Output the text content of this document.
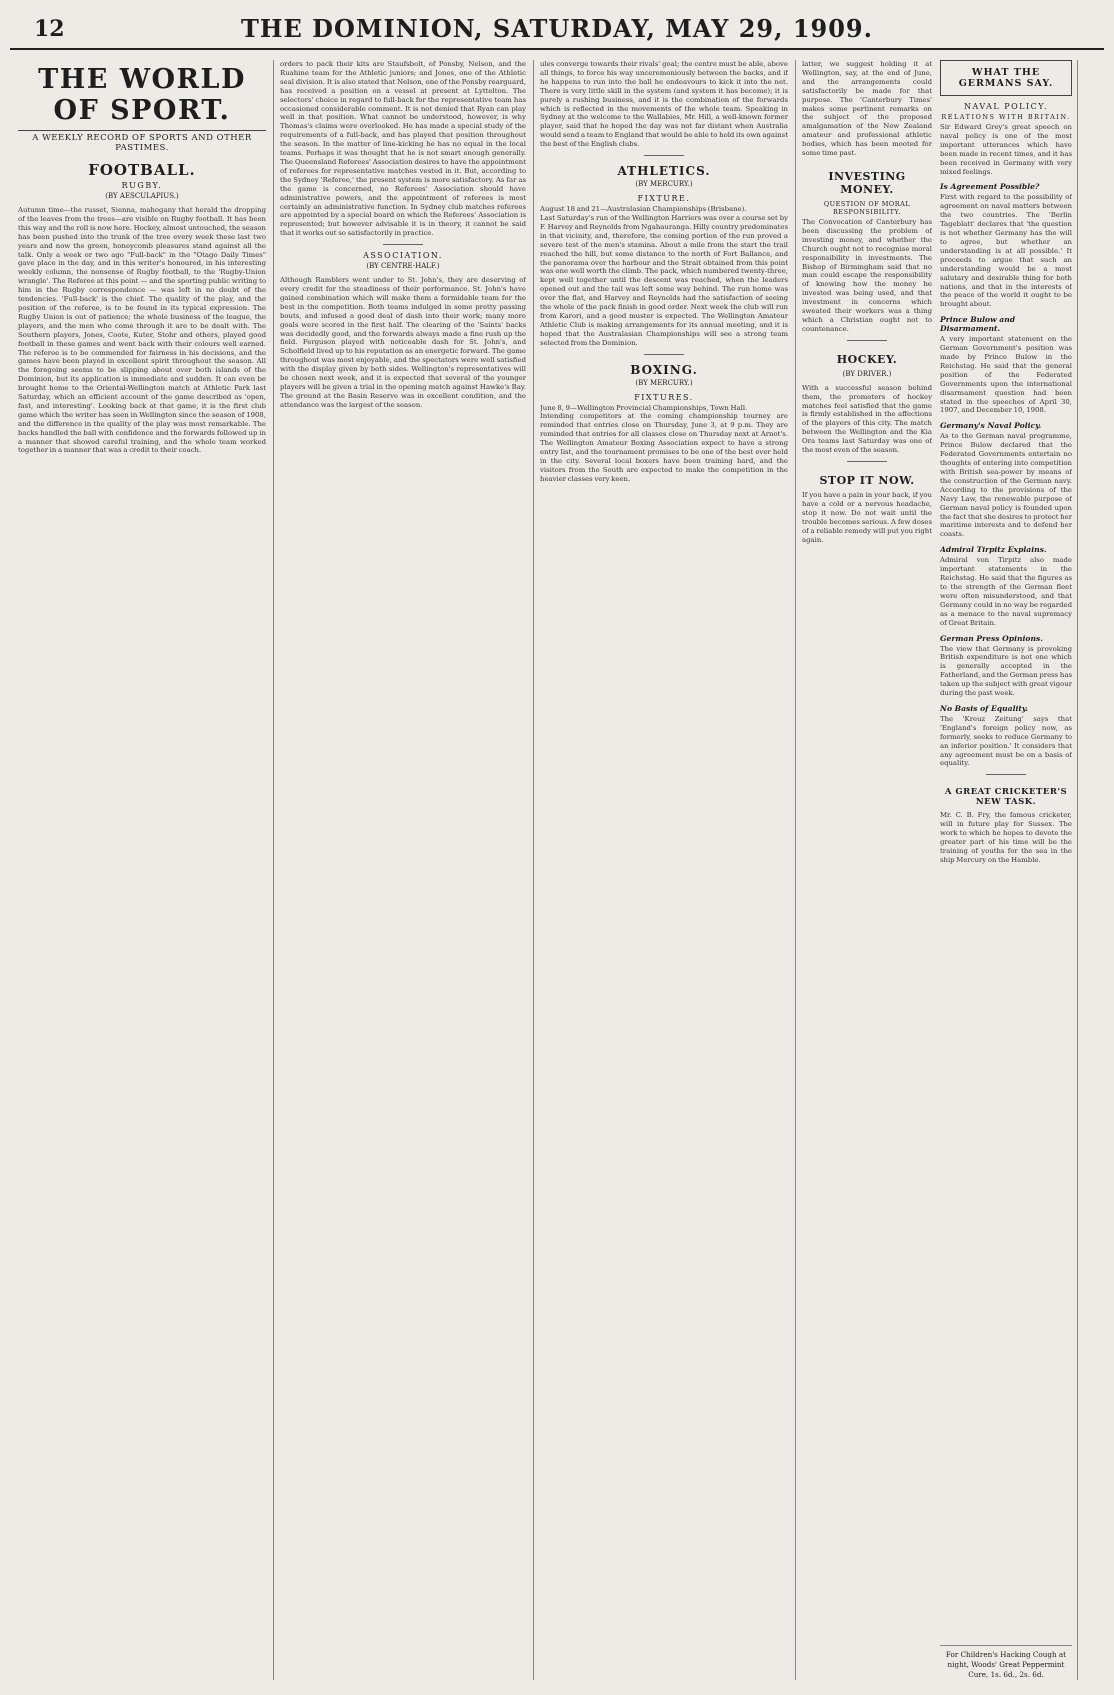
12	THE DOMINION, SATURDAY, MAY 29, 1909.
THE WORLD OF SPORT.
A WEEKLY RECORD OF SPORTS AND OTHER PASTIMES.
FOOTBALL.
RUGBY.
(BY AESCULAPIUS.)

Autumn time—the russet, Sienna, mahogany that herald the dropping of the leaves from the trees—are visible on Rugby football. It has been this way and the roll is now here. Hockey, almost untouched, the season has been pushed into the trunk of the tree every week these last two years and now the green, honeycomb pleasures stand against all the talk. Only a week or two ago "Full-back" in the "Otago Daily Times" gave place in the day, and in this writer's honoured, in his interesting weekly column, the nonsense of Rugby football, to the 'Rugby-Union wrangle'. The Referee at this point — and the sporting public writing to him in the Rugby correspondence — was left in no doubt of the tendencies. 'Full-back' is the chief. The quality of the play, and the position of the referee, is to be found in its typical expression. The Rugby Union is out of patience; the whole business of the league, the players, and the men who come through it are to be dealt with. The Southern players, Jones, Coote, Kuter, Stohr and others, played good football in these games and went back with their colours well earned. The referee is to be commended for fairness in his decisions, and the games have been played in excellent spirit throughout the season. All the foregoing seems to be slipping about over both islands of the Dominion, but its application is immediate and sudden. It can even be brought home to the Oriental-Wellington match at Athletic Park last Saturday, which an efficient account of the game described as 'open, fast, and interesting'. Looking back at that game, it is the first club game which the writer has seen in Wellington since the season of 1908, and the difference in the quality of the play was most remarkable. The backs handled the ball with confidence and the forwards followed up in a manner that showed careful training, and the whole team worked together in a manner that was a credit to their coach.

orders to pack their kits are Staufsbolt, of Ponsby, Nelson, and the Ruahine team for the Athletic juniors; and Jones, one of the Athletic seal division. It is also stated that Nelson, one of the Ponsby rearguard, has received a position on a vessel at present at Lyttelton. The selectors' choice in regard to full-back for the representative team has occasioned considerable comment. It is not denied that Ryan can play well in that position. What cannot be understood, however, is why Thomas's claims were overlooked. He has made a special study of the requirements of a full-back, and has played that position throughout the season. In the matter of line-kicking he has no equal in the local teams. Perhaps it was thought that he is not smart enough generally. The Queensland Referees' Association desires to have the appointment of referees for representative matches vested in it. But, according to the Sydney 'Referee,' the present system is more satisfactory. As far as the game is concerned, no Referees' Association should have administrative powers, and the appointment of referees is most certainly an administrative function. In Sydney club matches referees are appointed by a special board on which the Referees' Association is represented; but however advisable it is in theory, it cannot be said that it works out so satisfactorily in practice.

ASSOCIATION.
(BY CENTRE-HALF.)

Although Ramblers went under to St. John's, they are deserving of every credit for the steadiness of their performance. St. John's have gained combination which will make them a formidable team for the best in the competition. Both teams indulged in some pretty passing bouts, and infused a good deal of dash into their work; many more goals were scored in the first half. The clearing of the 'Saints' backs was decidedly good, and the forwards always made a fine rush up the field. Ferguson played with noticeable dash for St. John's, and Scholfield lived up to his reputation as an energetic forward. The game throughout was most enjoyable, and the spectators were well satisfied with the display given by both sides. Wellington's representatives will be chosen next week, and it is expected that several of the younger players will be given a trial in the opening match against Hawke's Bay. The ground at the Basin Reserve was in excellent condition, and the attendance was the largest of the season.

ules converge towards their rivals' goal; the centre must be able, above all things, to force his way unceremoniously between the backs, and if he happens to run into the ball he endeavours to kick it into the net. There is very little skill in the system (and system it has become); it is purely a rushing business, and it is the combination of the forwards which is reflected in the movements of the whole team. Speaking in Sydney at the welcome to the Wallabies, Mr. Hill, a well-known former player, said that he hoped the day was not far distant when Australia would send a team to England that would be able to hold its own against the best of the English clubs.

ATHLETICS.
(BY MERCURY.)
FIXTURE.

August 18 and 21—Australasian Championships (Brisbane).

Last Saturday's run of the Wellington Harriers was over a course set by F. Harvey and Reynolds from Ngahauranga. Hilly country predominates in that vicinity, and, therefore, the coming portion of the run proved a severe test of the men's stamina. About a mile from the start the trail reached the hill, but some distance to the north of Fort Ballance, and the panorama over the harbour and the Strait obtained from this point was one well worth the climb. The pack, which numbered twenty-three, kept well together until the descent was reached, when the leaders opened out and the tail was left some way behind. The run home was over the flat, and Harvey and Reynolds had the satisfaction of seeing the whole of the pack finish in good order. Next week the club will run from Karori, and a good muster is expected. The Wellington Amateur Athletic Club is making arrangements for its annual meeting, and it is hoped that the Australasian Championships will see a strong team selected from the Dominion.

BOXING.
(BY MERCURY.)
FIXTURES.

June 8, 9—Wellington Provincial Championships, Town Hall.

Intending competitors at the coming championship tourney are reminded that entries close on Thursday, June 3, at 9 p.m. They are reminded that entries for all classes close on Thursday next at Arnot's. The Wellington Amateur Boxing Association expect to have a strong entry list, and the tournament promises to be one of the best ever held in the city. Several local boxers have been training hard, and the visitors from the South are expected to make the competition in the heavier classes very keen.

latter, we suggest holding it at Wellington, say, at the end of June, and the arrangements could satisfactorily be made for that purpose. The 'Canterbury Times' makes some pertinent remarks on the subject of the proposed amalgamation of the New Zealand amateur and professional athletic bodies, which has been mooted for some time past.

INVESTING MONEY.
QUESTION OF MORAL RESPONSIBILITY.

The Convocation of Canterbury has been discussing the problem of investing money, and whether the Church ought not to recognise moral responsibility in investments. The Bishop of Birmingham said that no man could escape the responsibility of knowing how the money he invested was being used, and that investment in concerns which sweated their workers was a thing which a Christian ought not to countenance.

HOCKEY.
(BY DRIVER.)

With a successful season behind them, the promoters of hockey matches feel satisfied that the game is firmly established in the affections of the players of this city. The match between the Wellington and the Kia Ora teams last Saturday was one of the most even of the season.

STOP IT NOW.

If you have a pain in your back, if you have a cold or a nervous headache, stop it now. Do not wait until the trouble becomes serious. A few doses of a reliable remedy will put you right again.

WHAT THE GERMANS SAY.
NAVAL POLICY.
RELATIONS WITH BRITAIN.

Sir Edward Grey's great speech on naval policy is one of the most important utterances which have been made in recent times, and it has been received in Germany with very mixed feelings.

Is Agreement Possible?

First with regard to the possibility of agreement on naval matters between the two countries. The 'Berlin Tageblatt' declares that 'the question is not whether Germany has the will to agree, but whether an understanding is at all possible.' It proceeds to argue that such an understanding would be a most salutary and desirable thing for both nations, and that in the interests of the peace of the world it ought to be brought about.

Prince Bulow and Disarmament.

A very important statement on the German Government's position was made by Prince Bulow in the Reichstag. He said that the general position of the Federated Governments upon the international disarmament question had been stated in the speeches of April 30, 1907, and December 10, 1908.

Germany's Naval Policy.

As to the German naval programme, Prince Bulow declared that the Federated Governments entertain no thoughts of entering into competition with British sea-power by means of the construction of the German navy. According to the provisions of the Navy Law, the renewable purpose of German naval policy is founded upon the fact that she desires to protect her maritime interests and to defend her coasts.

Admiral Tirpitz Explains.

Admiral von Tirpitz also made important statements in the Reichstag. He said that the figures as to the strength of the German fleet were often misunderstood, and that Germany could in no way be regarded as a menace to the naval supremacy of Great Britain.

German Press Opinions.

The view that Germany is provoking British expenditure is not one which is generally accepted in the Fatherland, and the German press has taken up the subject with great vigour during the past week.

No Basis of Equality.

The 'Kreuz Zeitung' says that 'England's foreign policy now, as formerly, seeks to reduce Germany to an inferior position.' It considers that any agreement must be on a basis of equality.

A GREAT CRICKETER'S NEW TASK.

Mr. C. B. Fry, the famous cricketer, will in future play for Sussex. The work to which he hopes to devote the greater part of his time will be the training of youths for the sea in the ship Mercury on the Hamble.

For Children's Hacking Cough at night, Woods' Great Peppermint Cure, 1s. 6d., 2s. 6d.
